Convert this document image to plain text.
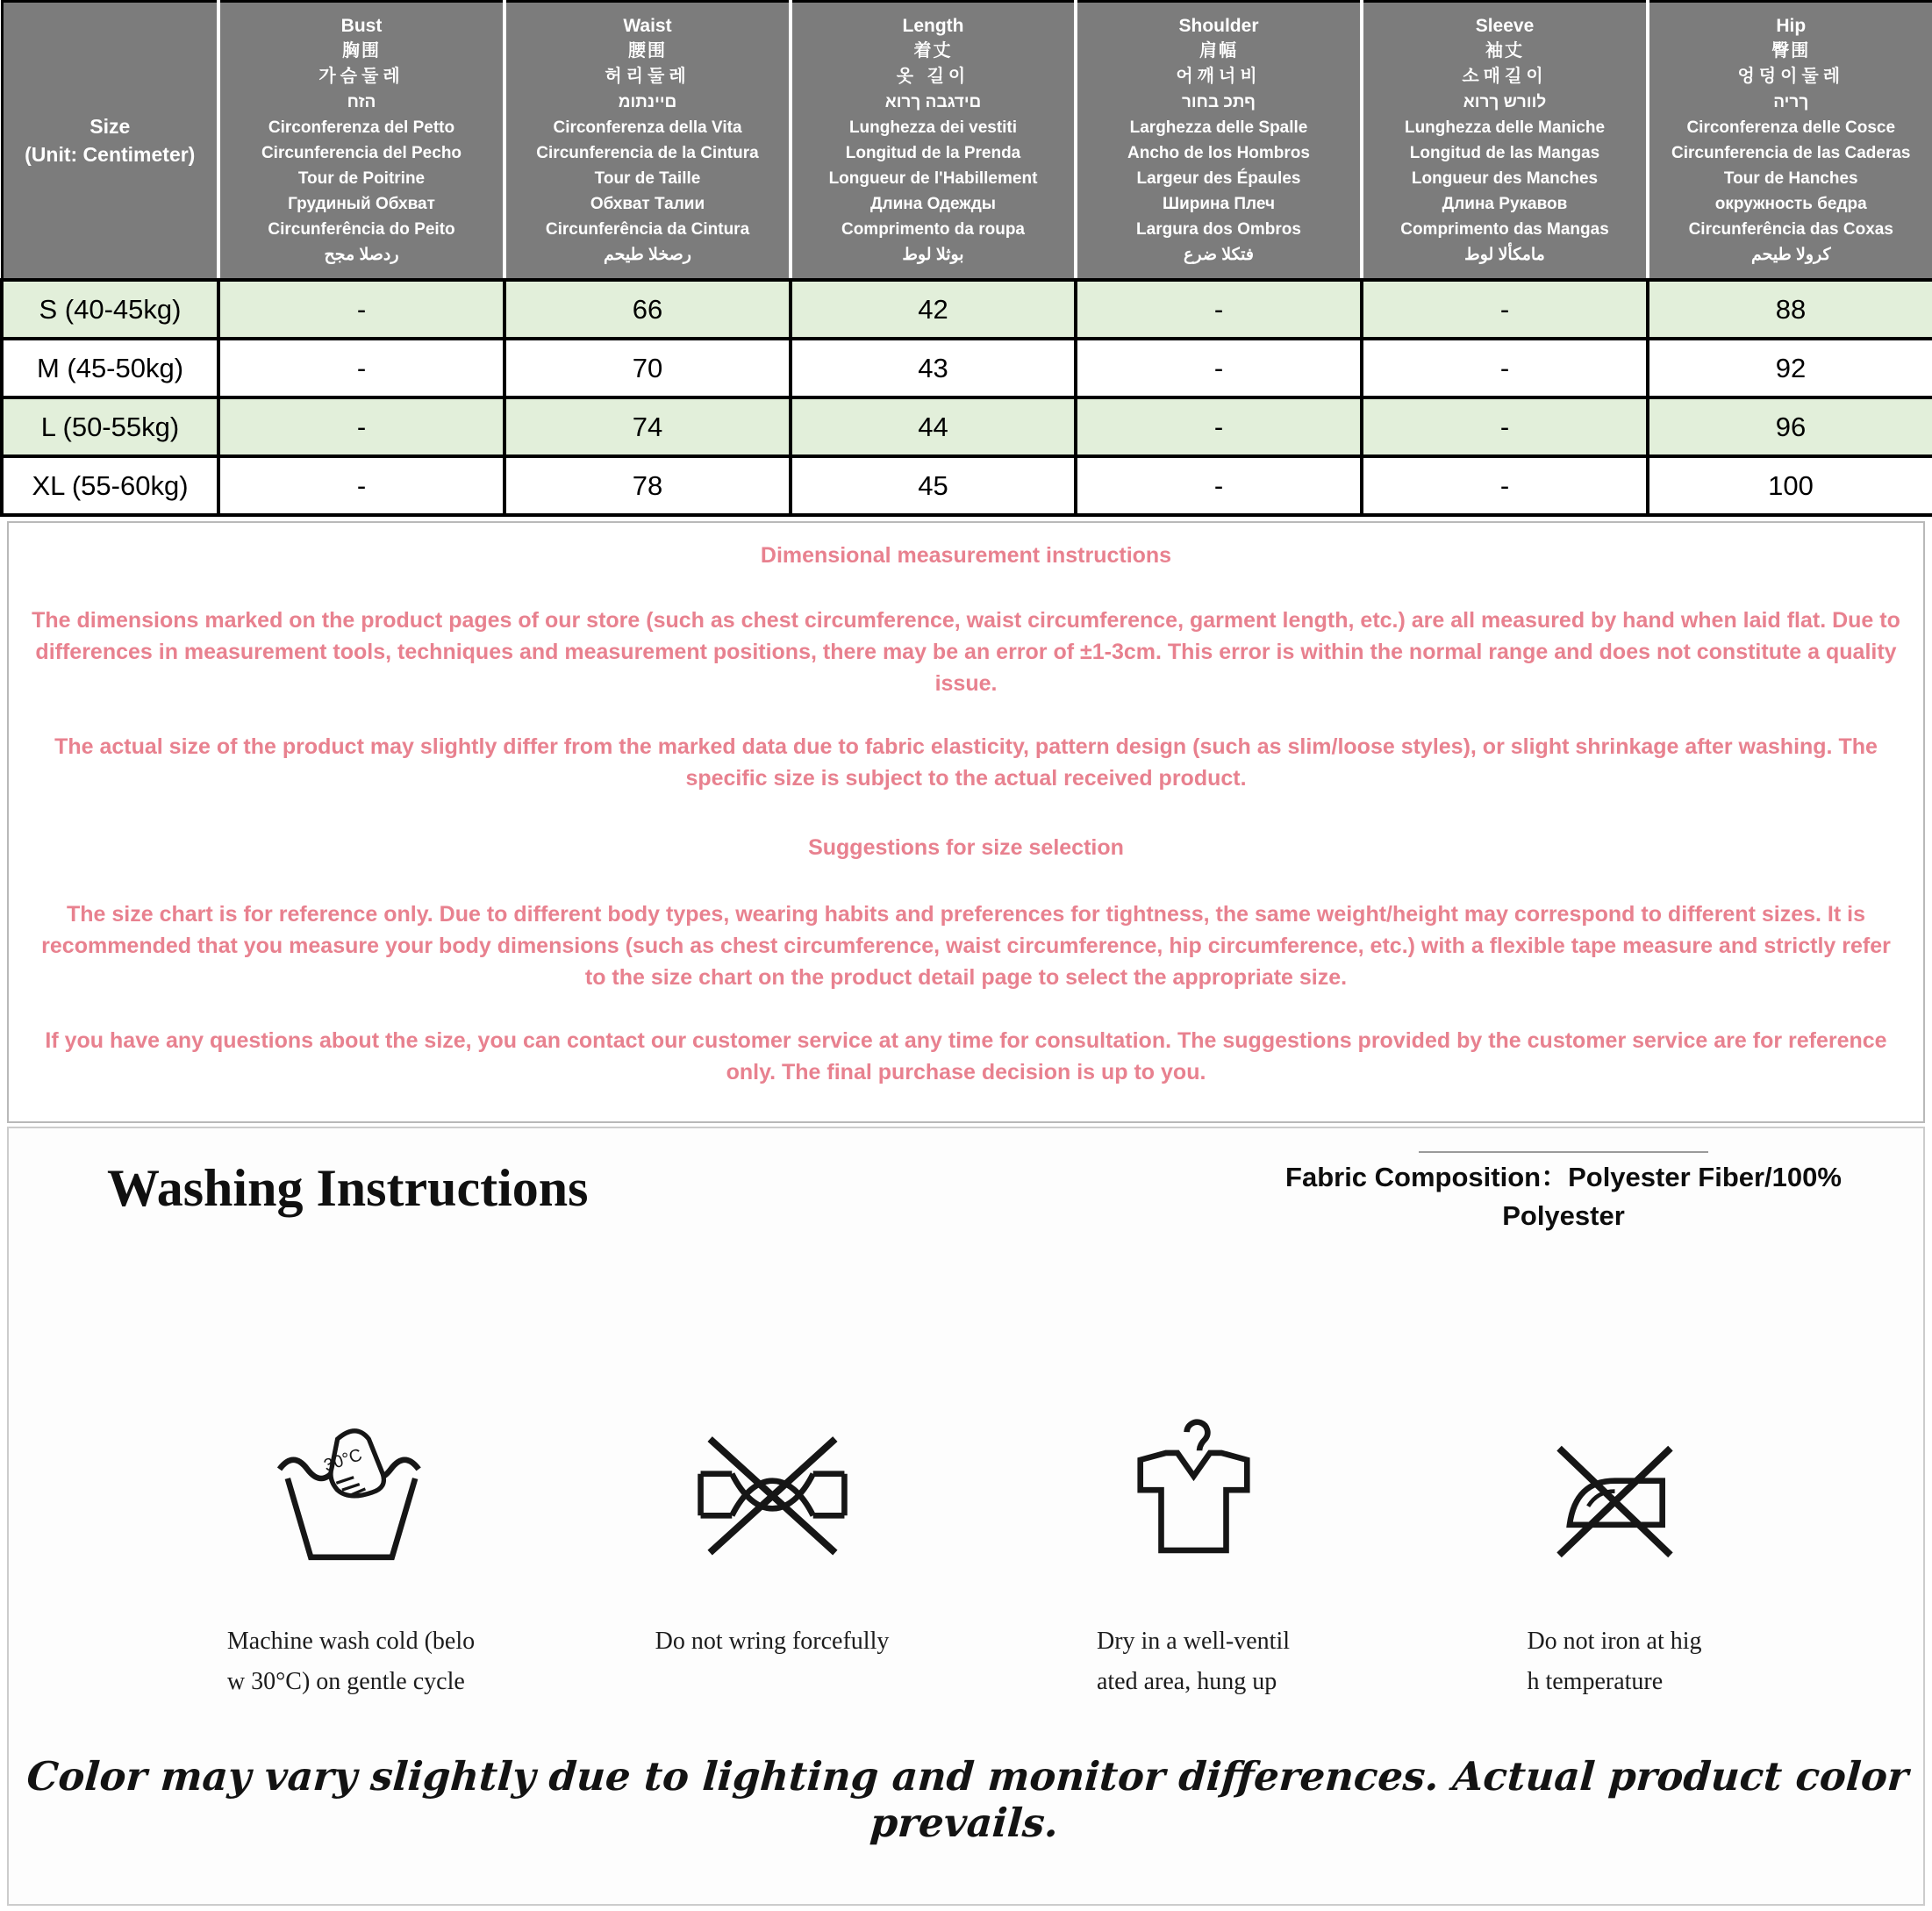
Size
(Unit: Centimeter)

Bust
胸围
가슴둘레
הזח
Circonferenza del Petto
Circunferencia del Pecho
Tour de Poitrine
Грудиный Обхват
Circunferência do Peito
ردصلا مجح

Waist
腰围
허리둘레
םיינתומ
Circonferenza della Vita
Circunferencia de la Cintura
Tour de Taille
Обхват Талии
Circunferência da Cintura
رصخلا طيحم

Length
着丈
옷 길이
םידגבה ךרוא
Lunghezza dei vestiti
Longitud de la Prenda
Longueur de l'Habillement
Длина Одежды
Comprimento da roupa
بوثلا لوط

Shoulder
肩幅
어깨너비
ףתכ בחור
Larghezza delle Spalle
Ancho de los Hombros
Largeur des Épaules
Ширина Плеч
Largura dos Ombros
فتكلا ضرع

Sleeve
袖丈
소매길이
לוורש ךרוא
Lunghezza delle Maniche
Longitud de las Mangas
Longueur des Manches
Длина Рукавов
Comprimento das Mangas
مامكألا لوط

Hip
臀围
엉덩이둘레
ךריה
Circonferenza delle Cosce
Circunferencia de las Caderas
Tour de Hanches
окружность бедра
Circunferência das Coxas
كرولا طيحم

S (40-45kg)	-	66	42	-	-	88
M (45-50kg)	-	70	43	-	-	92
L (50-55kg)	-	74	44	-	-	96
XL (55-60kg)	-	78	45	-	-	100
Dimensional measurement instructions

The dimensions marked on the product pages of our store (such as chest circumference, waist circumference, garment length, etc.) are all measured by hand when laid flat. Due to differences in measurement tools, techniques and measurement positions, there may be an error of ±1-3cm. This error is within the normal range and does not constitute a quality issue.

The actual size of the product may slightly differ from the marked data due to fabric elasticity, pattern design (such as slim/loose styles), or slight shrinkage after washing. The specific size is subject to the actual received product.

Suggestions for size selection

The size chart is for reference only. Due to different body types, wearing habits and preferences for tightness, the same weight/height may correspond to different sizes. It is recommended that you measure your body dimensions (such as chest circumference, waist circumference, hip circumference, etc.) with a flexible tape measure and strictly refer to the size chart on the product detail page to select the appropriate size.

If you have any questions about the size, you can contact our customer service at any time for consultation. The suggestions provided by the customer service are for reference only. The final purchase decision is up to you.

Washing Instructions	Fabric Composition：Polyester Fiber/100% Polyester
30°C
Machine wash cold (belo
w 30°C) on gentle cycle
Do not wring forcefully	Dry in a well-ventil
ated area, hung up
Do not iron at hig
h temperature
Color may vary slightly due to lighting and monitor differences. Actual product color prevails.
